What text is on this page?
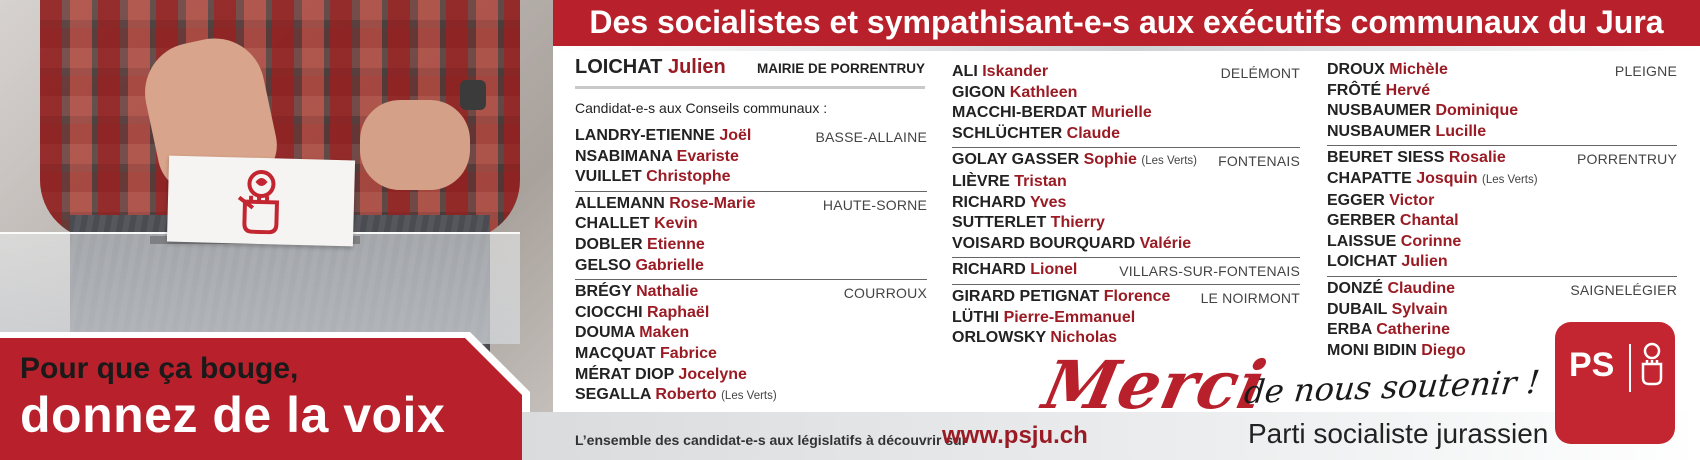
Pour que ça bouge,
donnez de la voix
Des socialistes et sympathisant-e-s aux exécutifs communaux du Jura
LOICHAT Julien MAIRIE DE PORRENTRUY
Candidat-e-s aux Conseils communaux :
BASSE-ALLAINE
LANDRY-ETIENNE Joël
NSABIMANA Evariste
VUILLET Christophe
HAUTE-SORNE
ALLEMANN Rose-Marie
CHALLET Kevin
DOBLER Etienne
GELSO Gabrielle
COURROUX
BRÉGY Nathalie
CIOCCHI Raphaël
DOUMA Maken
MACQUAT Fabrice
MÉRAT DIOP Jocelyne
SEGALLA Roberto (Les Verts)
DELÉMONT
ALI Iskander
GIGON Kathleen
MACCHI-BERDAT Murielle
SCHLÜCHTER Claude
FONTENAIS
GOLAY GASSER Sophie (Les Verts)
LIÈVRE Tristan
RICHARD Yves
SUTTERLET Thierry
VOISARD BOURQUARD Valérie
VILLARS-SUR-FONTENAIS
RICHARD Lionel
LE NOIRMONT
GIRARD PETIGNAT Florence
LÜTHI Pierre-Emmanuel
ORLOWSKY Nicholas
PLEIGNE
DROUX Michèle
FRÔTÉ Hervé
NUSBAUMER Dominique
NUSBAUMER Lucille
PORRENTRUY
BEURET SIESS Rosalie
CHAPATTE Josquin (Les Verts)
EGGER Victor
GERBER Chantal
LAISSUE Corinne
LOICHAT Julien
SAIGNELÉGIER
DONZÉ Claudine
DUBAIL Sylvain
ERBA Catherine
MONI BIDIN Diego
L’ensemble des candidat-e-s aux législatifs à découvrir sur
www.psju.ch
Merci
de nous soutenir !
Parti socialiste jurassien
PS
